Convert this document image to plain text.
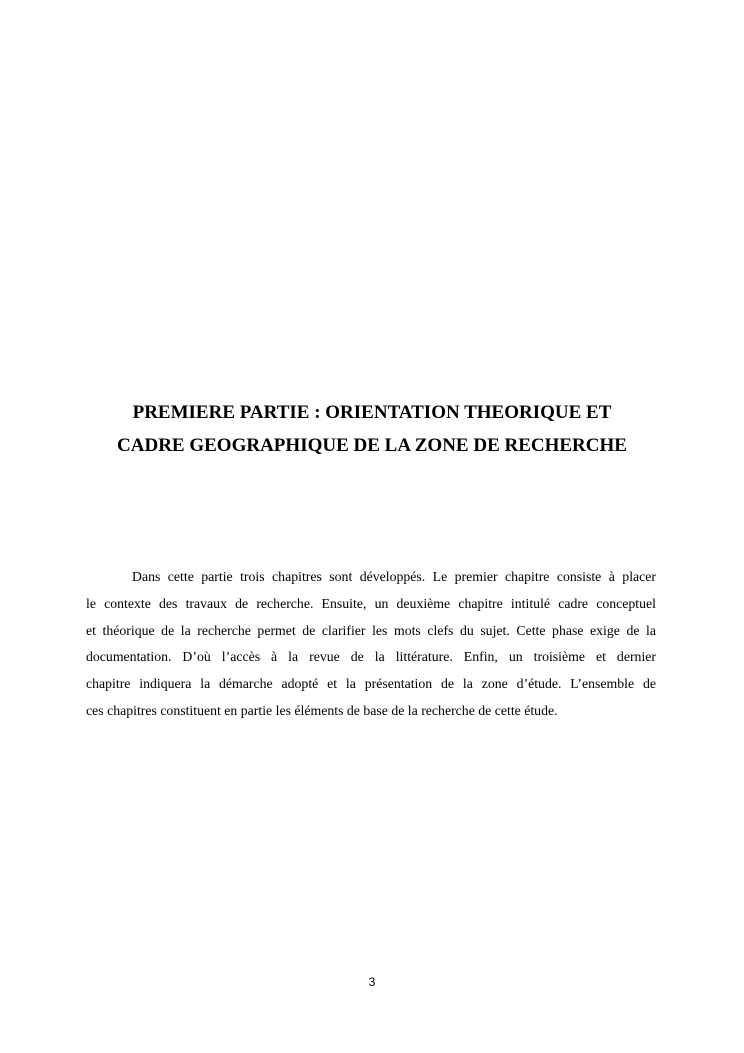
PREMIERE PARTIE : ORIENTATION THEORIQUE ET
CADRE GEOGRAPHIQUE DE LA ZONE DE RECHERCHE
Dans cette partie trois chapitres sont développés. Le premier chapitre consiste à placer
le contexte des travaux de recherche. Ensuite, un deuxième chapitre intitulé cadre conceptuel
et théorique de la recherche permet de clarifier les mots clefs du sujet. Cette phase exige de la
documentation. D’où l’accès à la revue de la littérature. Enfin, un troisième et dernier
chapitre indiquera la démarche adopté et la présentation de la zone d’étude. L’ensemble de
ces chapitres constituent en partie les éléments de base de la recherche de cette étude.
3
